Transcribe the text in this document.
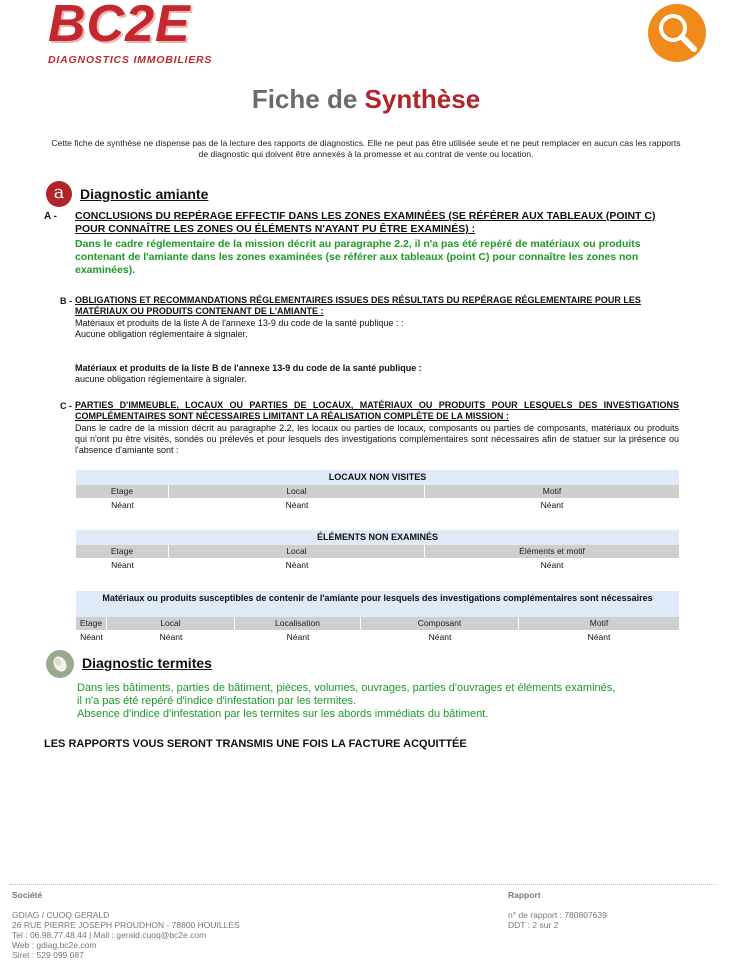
BC2E
DIAGNOSTICS IMMOBILIERS
Fiche de Synthèse
Cette fiche de synthèse ne dispense pas de la lecture des rapports de diagnostics. Elle ne peut pas être utilisée seule et ne peut remplacer en aucun cas les rapports de diagnostic qui doivent être annexés à la promesse et au contrat de vente ou location.
a	Diagnostic amiante
A - CONCLUSIONS DU REPÉRAGE EFFECTIF DANS LES ZONES EXAMINÉES (SE RÉFÉRER AUX TABLEAUX (POINT C) POUR CONNAÎTRE LES ZONES OU ÉLÉMENTS N'AYANT PU ÊTRE EXAMINÉS) :
Dans le cadre réglementaire de la mission décrit au paragraphe 2.2, il n'a pas été repéré de matériaux ou produits contenant de l'amiante dans les zones examinées (se référer aux tableaux (point C) pour connaître les zones non examinées).
B - OBLIGATIONS ET RECOMMANDATIONS RÉGLEMENTAIRES ISSUES DES RÉSULTATS DU REPÉRAGE RÉGLEMENTAIRE POUR LES MATÉRIAUX OU PRODUITS CONTENANT DE L'AMIANTE :
Matériaux et produits de la liste A de l'annexe 13-9 du code de la santé publique : :
Aucune obligation réglementaire à signaler.
Matériaux et produits de la liste B de l'annexe 13-9 du code de la santé publique :
aucune obligation réglementaire à signaler.
C - PARTIES D'IMMEUBLE, LOCAUX OU PARTIES DE LOCAUX, MATÉRIAUX OU PRODUITS POUR LESQUELS DES INVESTIGATIONS COMPLÉMENTAIRES SONT NÉCESSAIRES LIMITANT LA RÉALISATION COMPLÈTE DE LA MISSION :
Dans le cadre de la mission décrit au paragraphe 2.2, les locaux ou parties de locaux, composants ou parties de composants, matériaux ou produits qui n'ont pu être visités, sondés ou prélevés et pour lesquels des investigations complémentaires sont nécessaires afin de statuer sur la présence ou l'absence d'amiante sont :
LOCAUX NON VISITES
Etage	Local	Motif
Néant	Néant	Néant
ÉLÉMENTS NON EXAMINÉS
Etage	Local	Éléments et motif
Néant	Néant	Néant
Matériaux ou produits susceptibles de contenir de l'amiante pour lesquels des investigations complémentaires sont nécessaires
Etage	Local	Localisation	Composant	Motif
Néant	Néant	Néant	Néant	Néant
Diagnostic termites
Dans les bâtiments, parties de bâtiment, pièces, volumes, ouvrages, parties d'ouvrages et éléments examinés,
il n'a pas été repéré d'indice d'infestation par les termites.
Absence d'indice d'infestation par les termites sur les abords immédiats du bâtiment.
LES RAPPORTS VOUS SERONT TRANSMIS UNE FOIS LA FACTURE ACQUITTÉE
Société
GDIAG / CUOQ GERALD
26 RUE PIERRE JOSEPH PROUDHON - 78800 HOUILLES
Tel : 06.98.77.48.44 | Mail : gerald.cuoq@bc2e.com
Web : gdiag.bc2e.com
Siret : 529 099 087
Rapport
n° de rapport : 780807639
DDT : 2 sur 2
